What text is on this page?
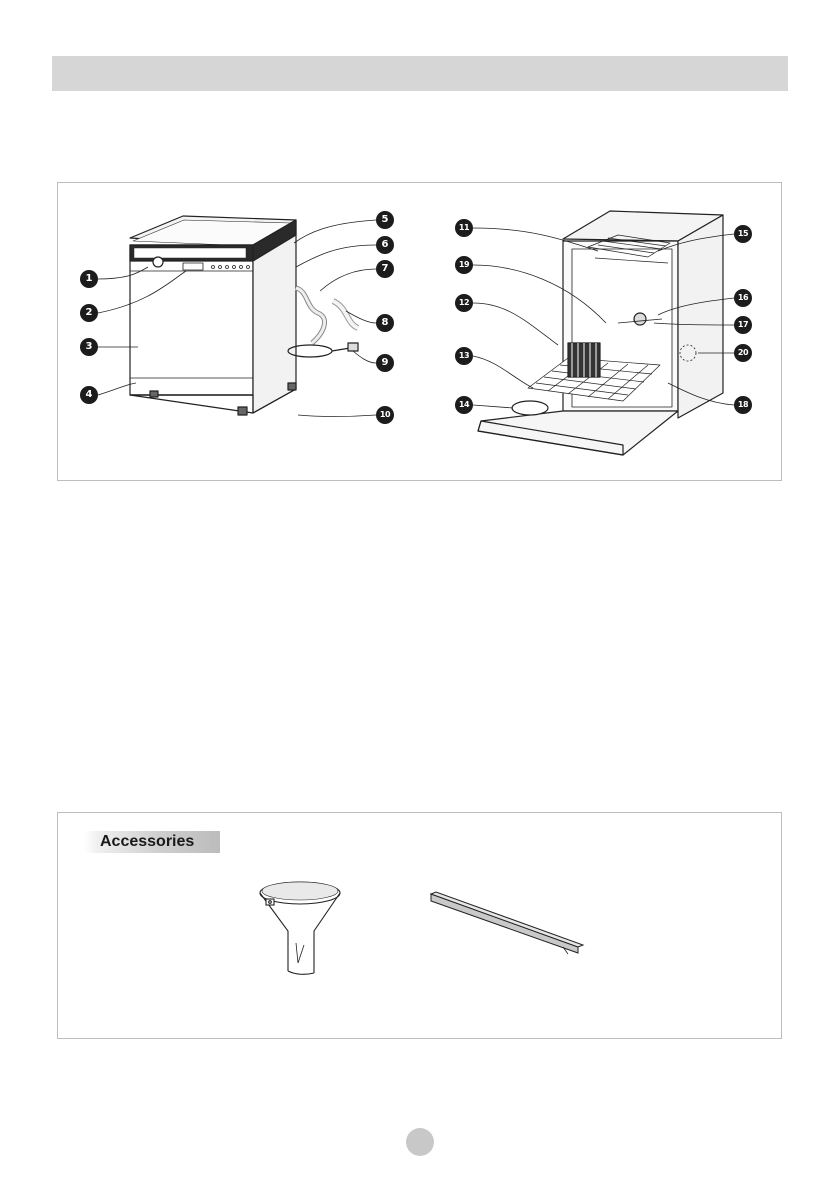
1
2
3
4
5
6
7
8
9
10
11
12
13
14
15
16
17
18
19
20
Accessories
